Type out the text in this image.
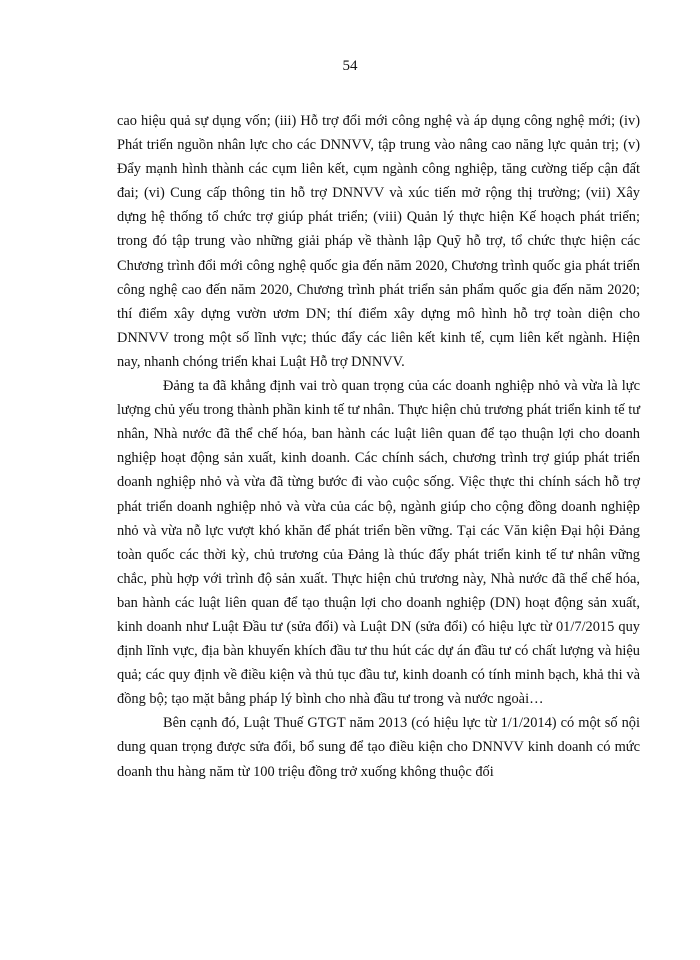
54

cao hiệu quả sự dụng vốn; (iii) Hỗ trợ đổi mới công nghệ và áp dụng công nghệ mới; (iv) Phát triển nguồn nhân lực cho các DNNVV, tập trung vào nâng cao năng lực quản trị; (v) Đẩy mạnh hình thành các cụm liên kết, cụm ngành công nghiệp, tăng cường tiếp cận đất đai; (vi) Cung cấp thông tin hỗ trợ DNNVV và xúc tiến mở rộng thị trường; (vii) Xây dựng hệ thống tổ chức trợ giúp phát triển; (viii) Quản lý thực hiện Kế hoạch phát triển; trong đó tập trung vào những giải pháp về thành lập Quỹ hỗ trợ, tổ chức thực hiện các Chương trình đổi mới công nghệ quốc gia đến năm 2020, Chương trình quốc gia phát triển công nghệ cao đến năm 2020, Chương trình phát triển sản phẩm quốc gia đến năm 2020; thí điểm xây dựng vườn ươm DN; thí điểm xây dựng mô hình hỗ trợ toàn diện cho DNNVV trong một số lĩnh vực; thúc đẩy các liên kết kinh tế, cụm liên kết ngành. Hiện nay, nhanh chóng triển khai Luật Hỗ trợ DNNVV.

Đảng ta đã khẳng định vai trò quan trọng của các doanh nghiệp nhỏ và vừa là lực lượng chủ yếu trong thành phần kinh tế tư nhân. Thực hiện chủ trương phát triển kinh tế tư nhân, Nhà nước đã thể chế hóa, ban hành các luật liên quan để tạo thuận lợi cho doanh nghiệp hoạt động sản xuất, kinh doanh. Các chính sách, chương trình trợ giúp phát triển doanh nghiệp nhỏ và vừa đã từng bước đi vào cuộc sống. Việc thực thi chính sách hỗ trợ phát triển doanh nghiệp nhỏ và vừa của các bộ, ngành giúp cho cộng đồng doanh nghiệp nhỏ và vừa nỗ lực vượt khó khăn để phát triển bền vững. Tại các Văn kiện Đại hội Đảng toàn quốc các thời kỳ, chủ trương của Đảng là thúc đẩy phát triển kinh tế tư nhân vững chắc, phù hợp với trình độ sản xuất. Thực hiện chủ trương này, Nhà nước đã thể chế hóa, ban hành các luật liên quan để tạo thuận lợi cho doanh nghiệp (DN) hoạt động sản xuất, kinh doanh như Luật Đầu tư (sửa đổi) và Luật DN (sửa đổi) có hiệu lực từ 01/7/2015 quy định lĩnh vực, địa bàn khuyến khích đầu tư thu hút các dự án đầu tư có chất lượng và hiệu quả; các quy định về điều kiện và thủ tục đầu tư, kinh doanh có tính minh bạch, khả thi và đồng bộ; tạo mặt bằng pháp lý bình cho nhà đầu tư trong và nước ngoài…

Bên cạnh đó, Luật Thuế GTGT năm 2013 (có hiệu lực từ 1/1/2014) có một số nội dung quan trọng được sửa đổi, bổ sung để tạo điều kiện cho DNNVV kinh doanh có mức doanh thu hàng năm từ 100 triệu đồng trở xuống không thuộc đối
